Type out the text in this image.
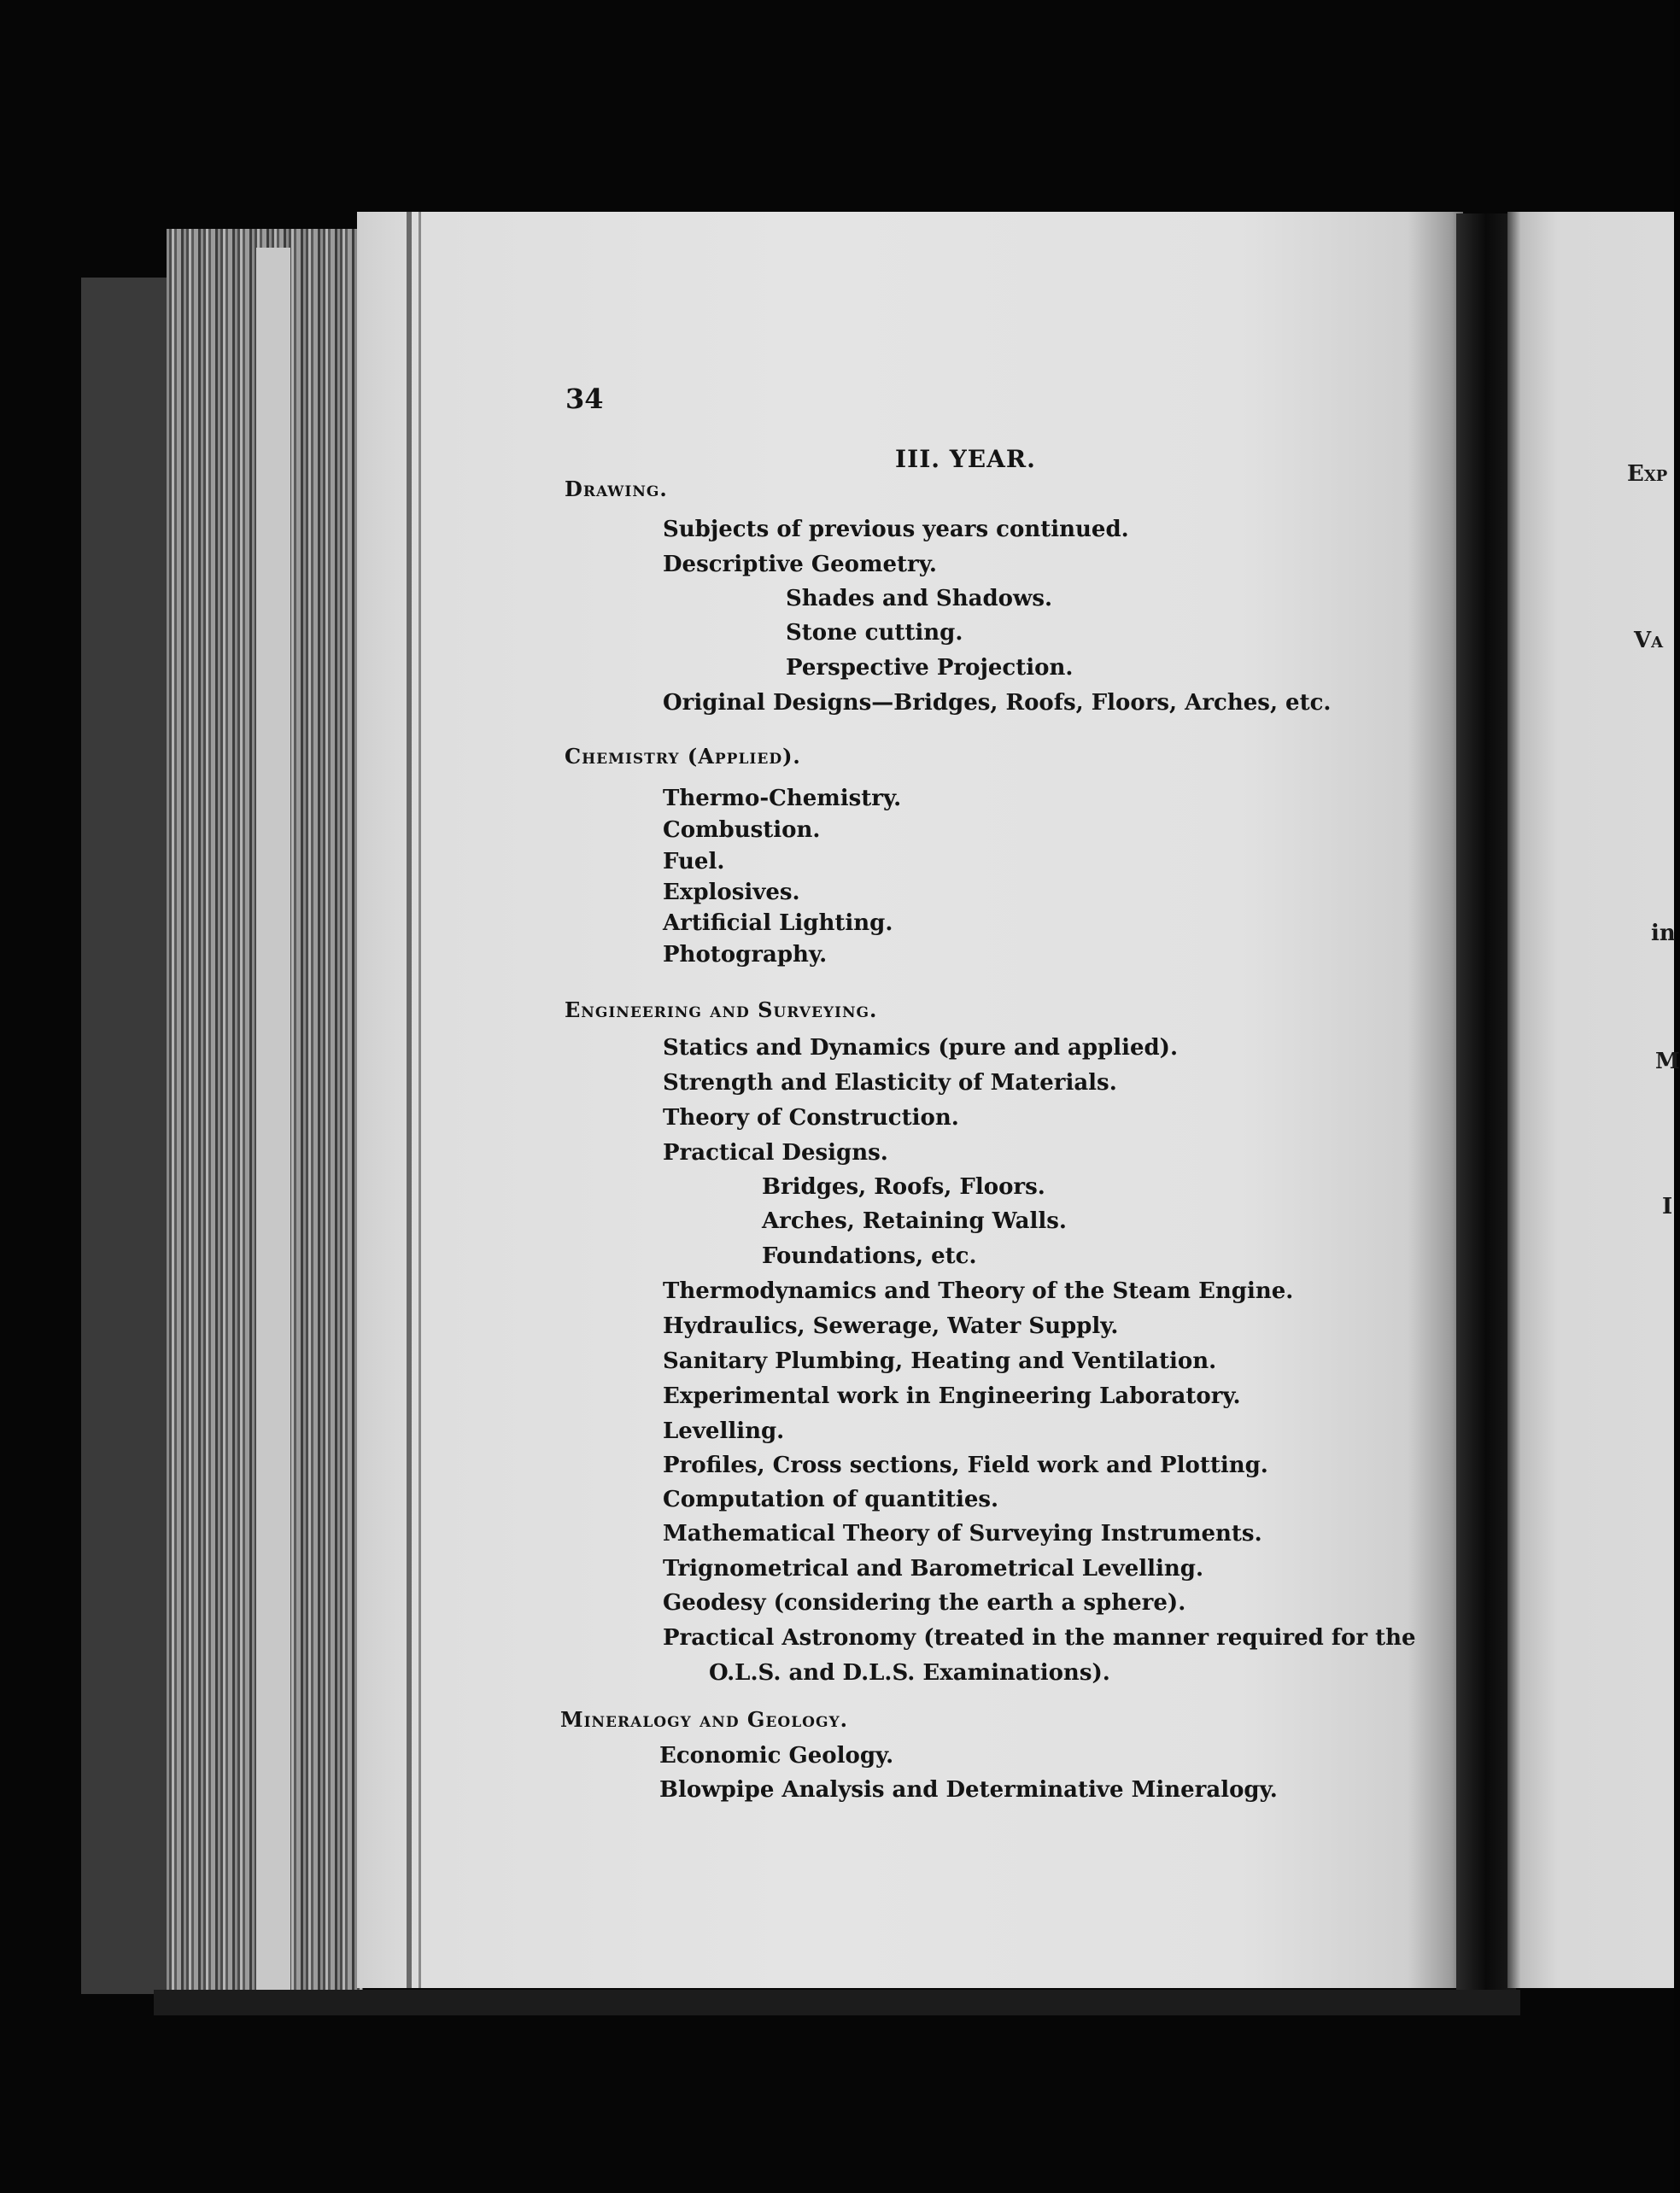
Exp
Va
in
M
I
34
III. YEAR.
Drawing.
Subjects of previous years continued.
Descriptive Geometry.
Shades and Shadows.
Stone cutting.
Perspective Projection.
Original Designs—Bridges, Roofs, Floors, Arches, etc.
Chemistry (Applied).
Thermo-Chemistry.
Combustion.
Fuel.
Explosives.
Artificial Lighting.
Photography.
Engineering and Surveying.
Statics and Dynamics (pure and applied).
Strength and Elasticity of Materials.
Theory of Construction.
Practical Designs.
Bridges, Roofs, Floors.
Arches, Retaining Walls.
Foundations, etc.
Thermodynamics and Theory of the Steam Engine.
Hydraulics, Sewerage, Water Supply.
Sanitary Plumbing, Heating and Ventilation.
Experimental work in Engineering Laboratory.
Levelling.
Profiles, Cross sections, Field work and Plotting.
Computation of quantities.
Mathematical Theory of Surveying Instruments.
Trignometrical and Barometrical Levelling.
Geodesy (considering the earth a sphere).
Practical Astronomy (treated in the manner required for the
O.L.S. and D.L.S. Examinations).
Mineralogy and Geology.
Economic Geology.
Blowpipe Analysis and Determinative Mineralogy.
